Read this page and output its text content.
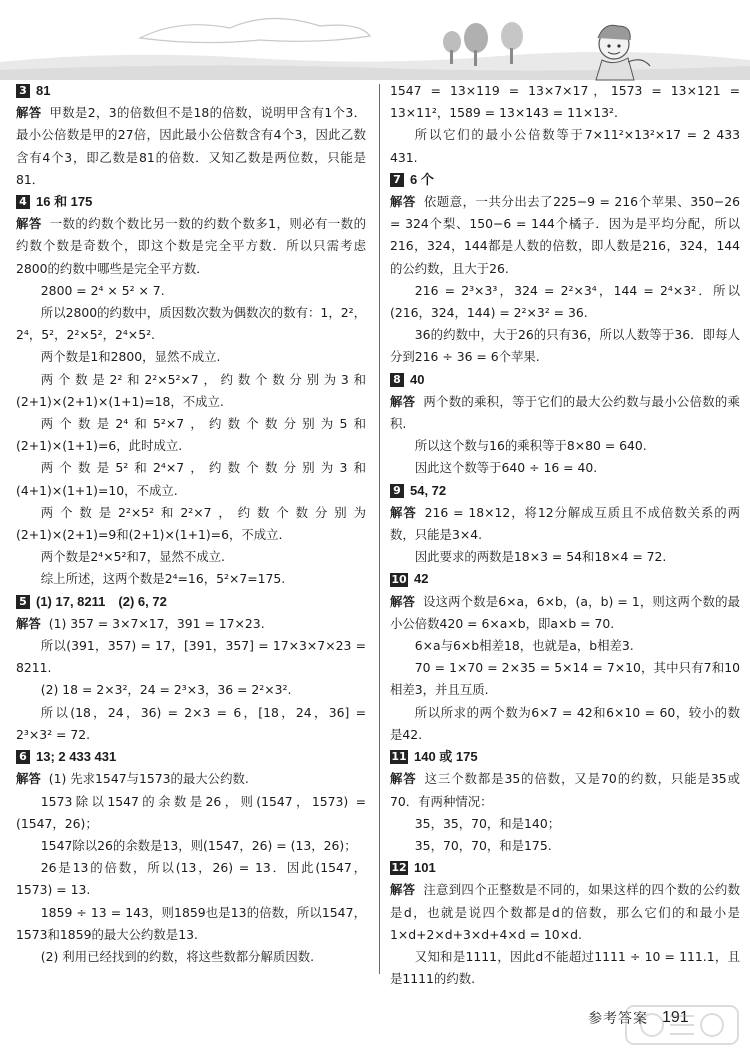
3 81

解答 甲数是2，3的倍数但不是18的倍数，说明甲含有1个3．最小公倍数是甲的27倍，因此最小公倍数含有4个3，因此乙数含有4个3，即乙数是81的倍数．又知乙数是两位数，只能是81．

4 16 和 175

解答 一数的约数个数比另一数的约数个数多1，则必有一数的约数个数是奇数个，即这个数是完全平方数．所以只需考虑2800的约数中哪些是完全平方数．

2800 = 2⁴ × 5² × 7.

所以2800的约数中，质因数次数为偶数次的数有：1，2²，2⁴，5²，2²×5²，2⁴×5².

两个数是1和2800，显然不成立.

两个数是2²和2²×5²×7，约数个数分别为3和(2+1)×(2+1)×(1+1)=18，不成立.

两个数是2⁴和5²×7，约数个数分别为5和(2+1)×(1+1)=6，此时成立.

两个数是5²和2⁴×7，约数个数分别为3和(4+1)×(1+1)=10，不成立.

两个数是2²×5²和2²×7，约数个数分别为(2+1)×(2+1)=9和(2+1)×(1+1)=6，不成立.

两个数是2⁴×5²和7，显然不成立.

综上所述，这两个数是2⁴=16，5²×7=175.

5 (1) 17, 8211　(2) 6, 72

解答 (1) 357 = 3×7×17，391 = 17×23.

所以(391，357) = 17，[391，357] = 17×3×7×23 = 8211.

(2) 18 = 2×3²，24 = 2³×3，36 = 2²×3².

所以(18，24，36) = 2×3 = 6，[18，24，36] = 2³×3² = 72.

6 13; 2 433 431

解答 (1) 先求1547与1573的最大公约数.

1573除以1547的余数是26，则(1547，1573) = (1547，26)；

1547除以26的余数是13，则(1547，26) = (13，26)；

26是13的倍数，所以(13，26) = 13．因此(1547，1573) = 13.

1859 ÷ 13 = 143，则1859也是13的倍数，所以1547，1573和1859的最大公约数是13.

(2) 利用已经找到的约数，将这些数都分解质因数.

1547 = 13×119 = 13×7×17，1573 = 13×121 = 13×11²，1589 = 13×143 = 11×13².

所以它们的最小公倍数等于7×11²×13²×17 = 2 433 431.

7 6 个

解答 依题意，一共分出去了225−9 = 216个苹果、350−26 = 324个梨、150−6 = 144个橘子．因为是平均分配，所以216，324，144都是人数的倍数，即人数是216，324，144的公约数，且大于26.

216 = 2³×3³，324 = 2²×3⁴，144 = 2⁴×3²．所以(216，324，144) = 2²×3² = 36.

36的约数中，大于26的只有36，所以人数等于36．即每人分到216 ÷ 36 = 6个苹果.

8 40

解答 两个数的乘积，等于它们的最大公约数与最小公倍数的乘积.

所以这个数与16的乘积等于8×80 = 640.

因此这个数等于640 ÷ 16 = 40.

9 54, 72

解答 216 = 18×12，将12分解成互质且不成倍数关系的两数，只能是3×4.

因此要求的两数是18×3 = 54和18×4 = 72.

10 42

解答 设这两个数是6×a，6×b，(a，b) = 1，则这两个数的最小公倍数420 = 6×a×b，即a×b = 70.

6×a与6×b相差18，也就是a，b相差3.

70 = 1×70 = 2×35 = 5×14 = 7×10，其中只有7和10相差3，并且互质.

所以所求的两个数为6×7 = 42和6×10 = 60，较小的数是42.

11 140 或 175

解答 这三个数都是35的倍数，又是70的约数，只能是35或70．有两种情况：

35，35，70，和是140；

35，70，70，和是175.

12 101

解答 注意到四个正整数是不同的，如果这样的四个数的公约数是d，也就是说四个数都是d的倍数，那么它们的和最小是1×d+2×d+3×d+4×d = 10×d.

又知和是1111，因此d不能超过1111 ÷ 10 = 111.1，且是1111的约数.

参考答案 191
